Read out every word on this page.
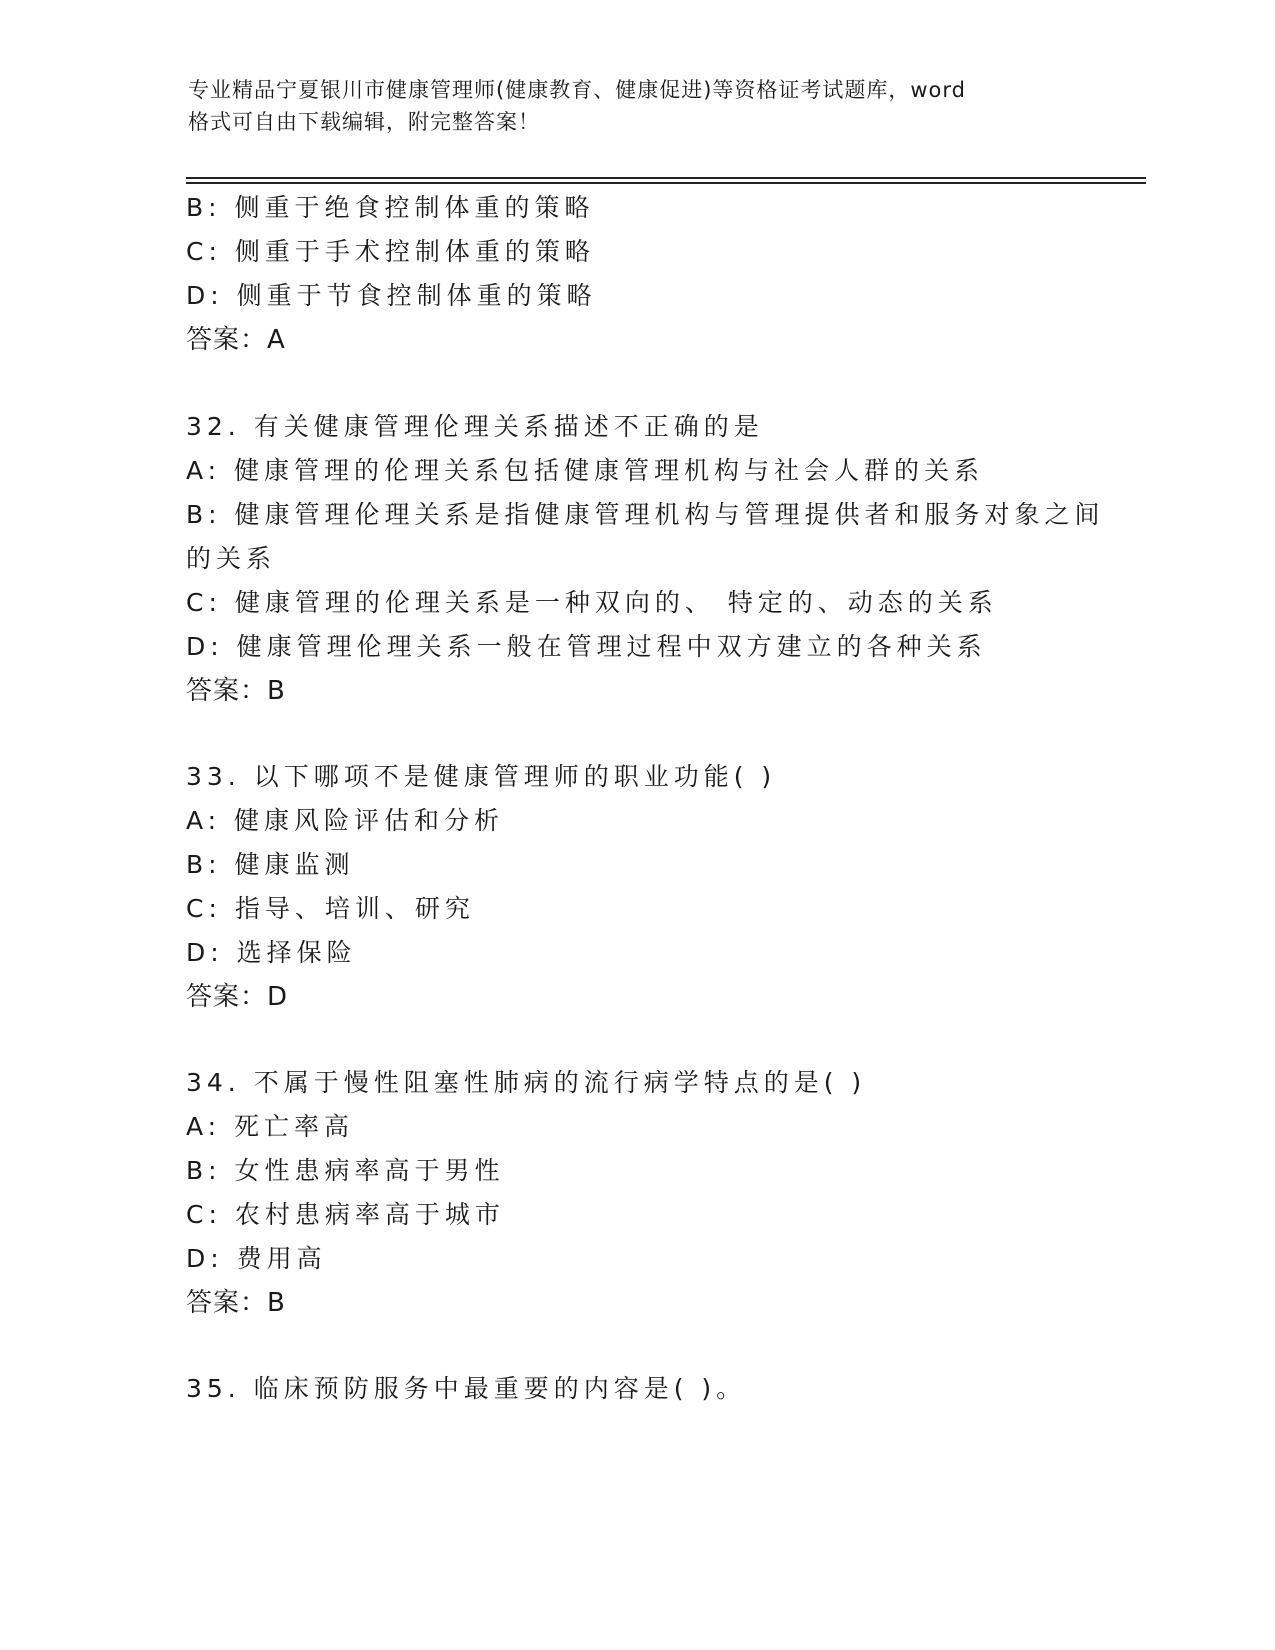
专业精品宁夏银川市健康管理师(健康教育、健康促进)等资格证考试题库，word
格式可自由下载编辑，附完整答案！
B: 侧重于绝食控制体重的策略
C: 侧重于手术控制体重的策略
D: 侧重于节食控制体重的策略
答案：A
32. 有关健康管理伦理关系描述不正确的是
A: 健康管理的伦理关系包括健康管理机构与社会人群的关系
B: 健康管理伦理关系是指健康管理机构与管理提供者和服务对象之间
的关系
C: 健康管理的伦理关系是一种双向的、 特定的、动态的关系
D: 健康管理伦理关系一般在管理过程中双方建立的各种关系
答案：B
33. 以下哪项不是健康管理师的职业功能( )
A: 健康风险评估和分析
B: 健康监测
C: 指导、培训、研究
D: 选择保险
答案：D
34. 不属于慢性阻塞性肺病的流行病学特点的是( )
A: 死亡率高
B: 女性患病率高于男性
C: 农村患病率高于城市
D: 费用高
答案：B
35. 临床预防服务中最重要的内容是( )。
